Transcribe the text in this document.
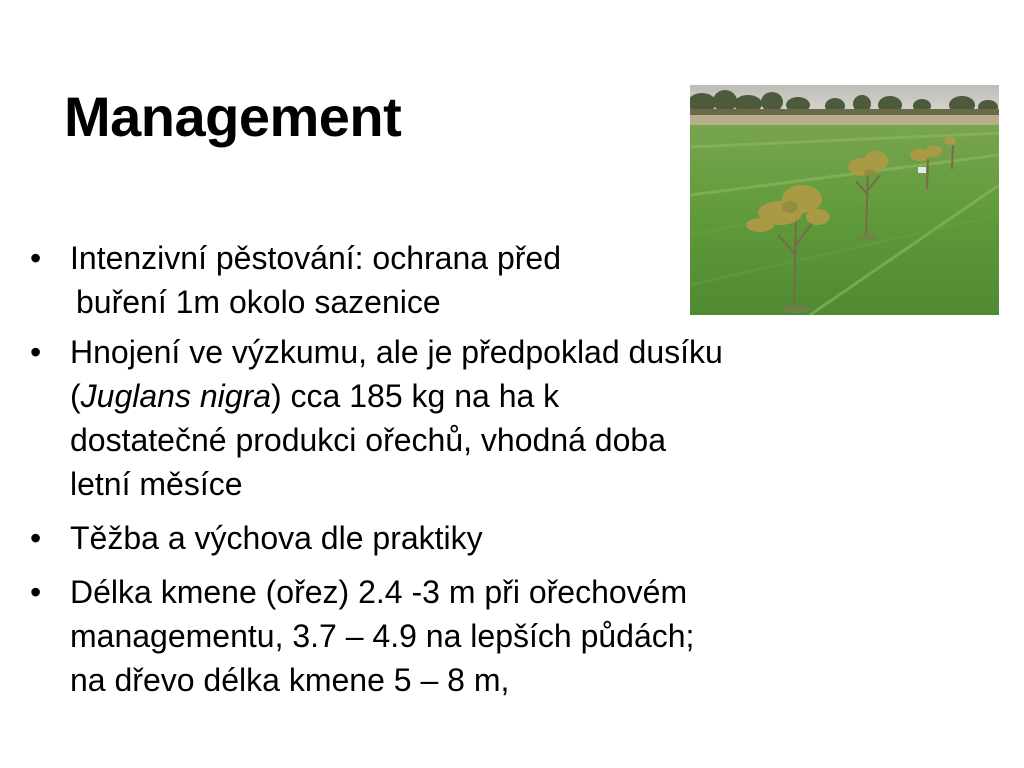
Management
• Intenzivní pěstování: ochrana před
buření 1m okolo sazenice
• Hnojení ve výzkumu, ale je předpoklad dusíku
(Juglans nigra) cca 185 kg na ha k
dostatečné produkci ořechů, vhodná doba
letní měsíce
• Těžba a výchova dle praktiky
• Délka kmene (ořez) 2.4 -3 m při ořechovém
managementu, 3.7 – 4.9 na lepších půdách;
na dřevo délka kmene 5 – 8 m,
